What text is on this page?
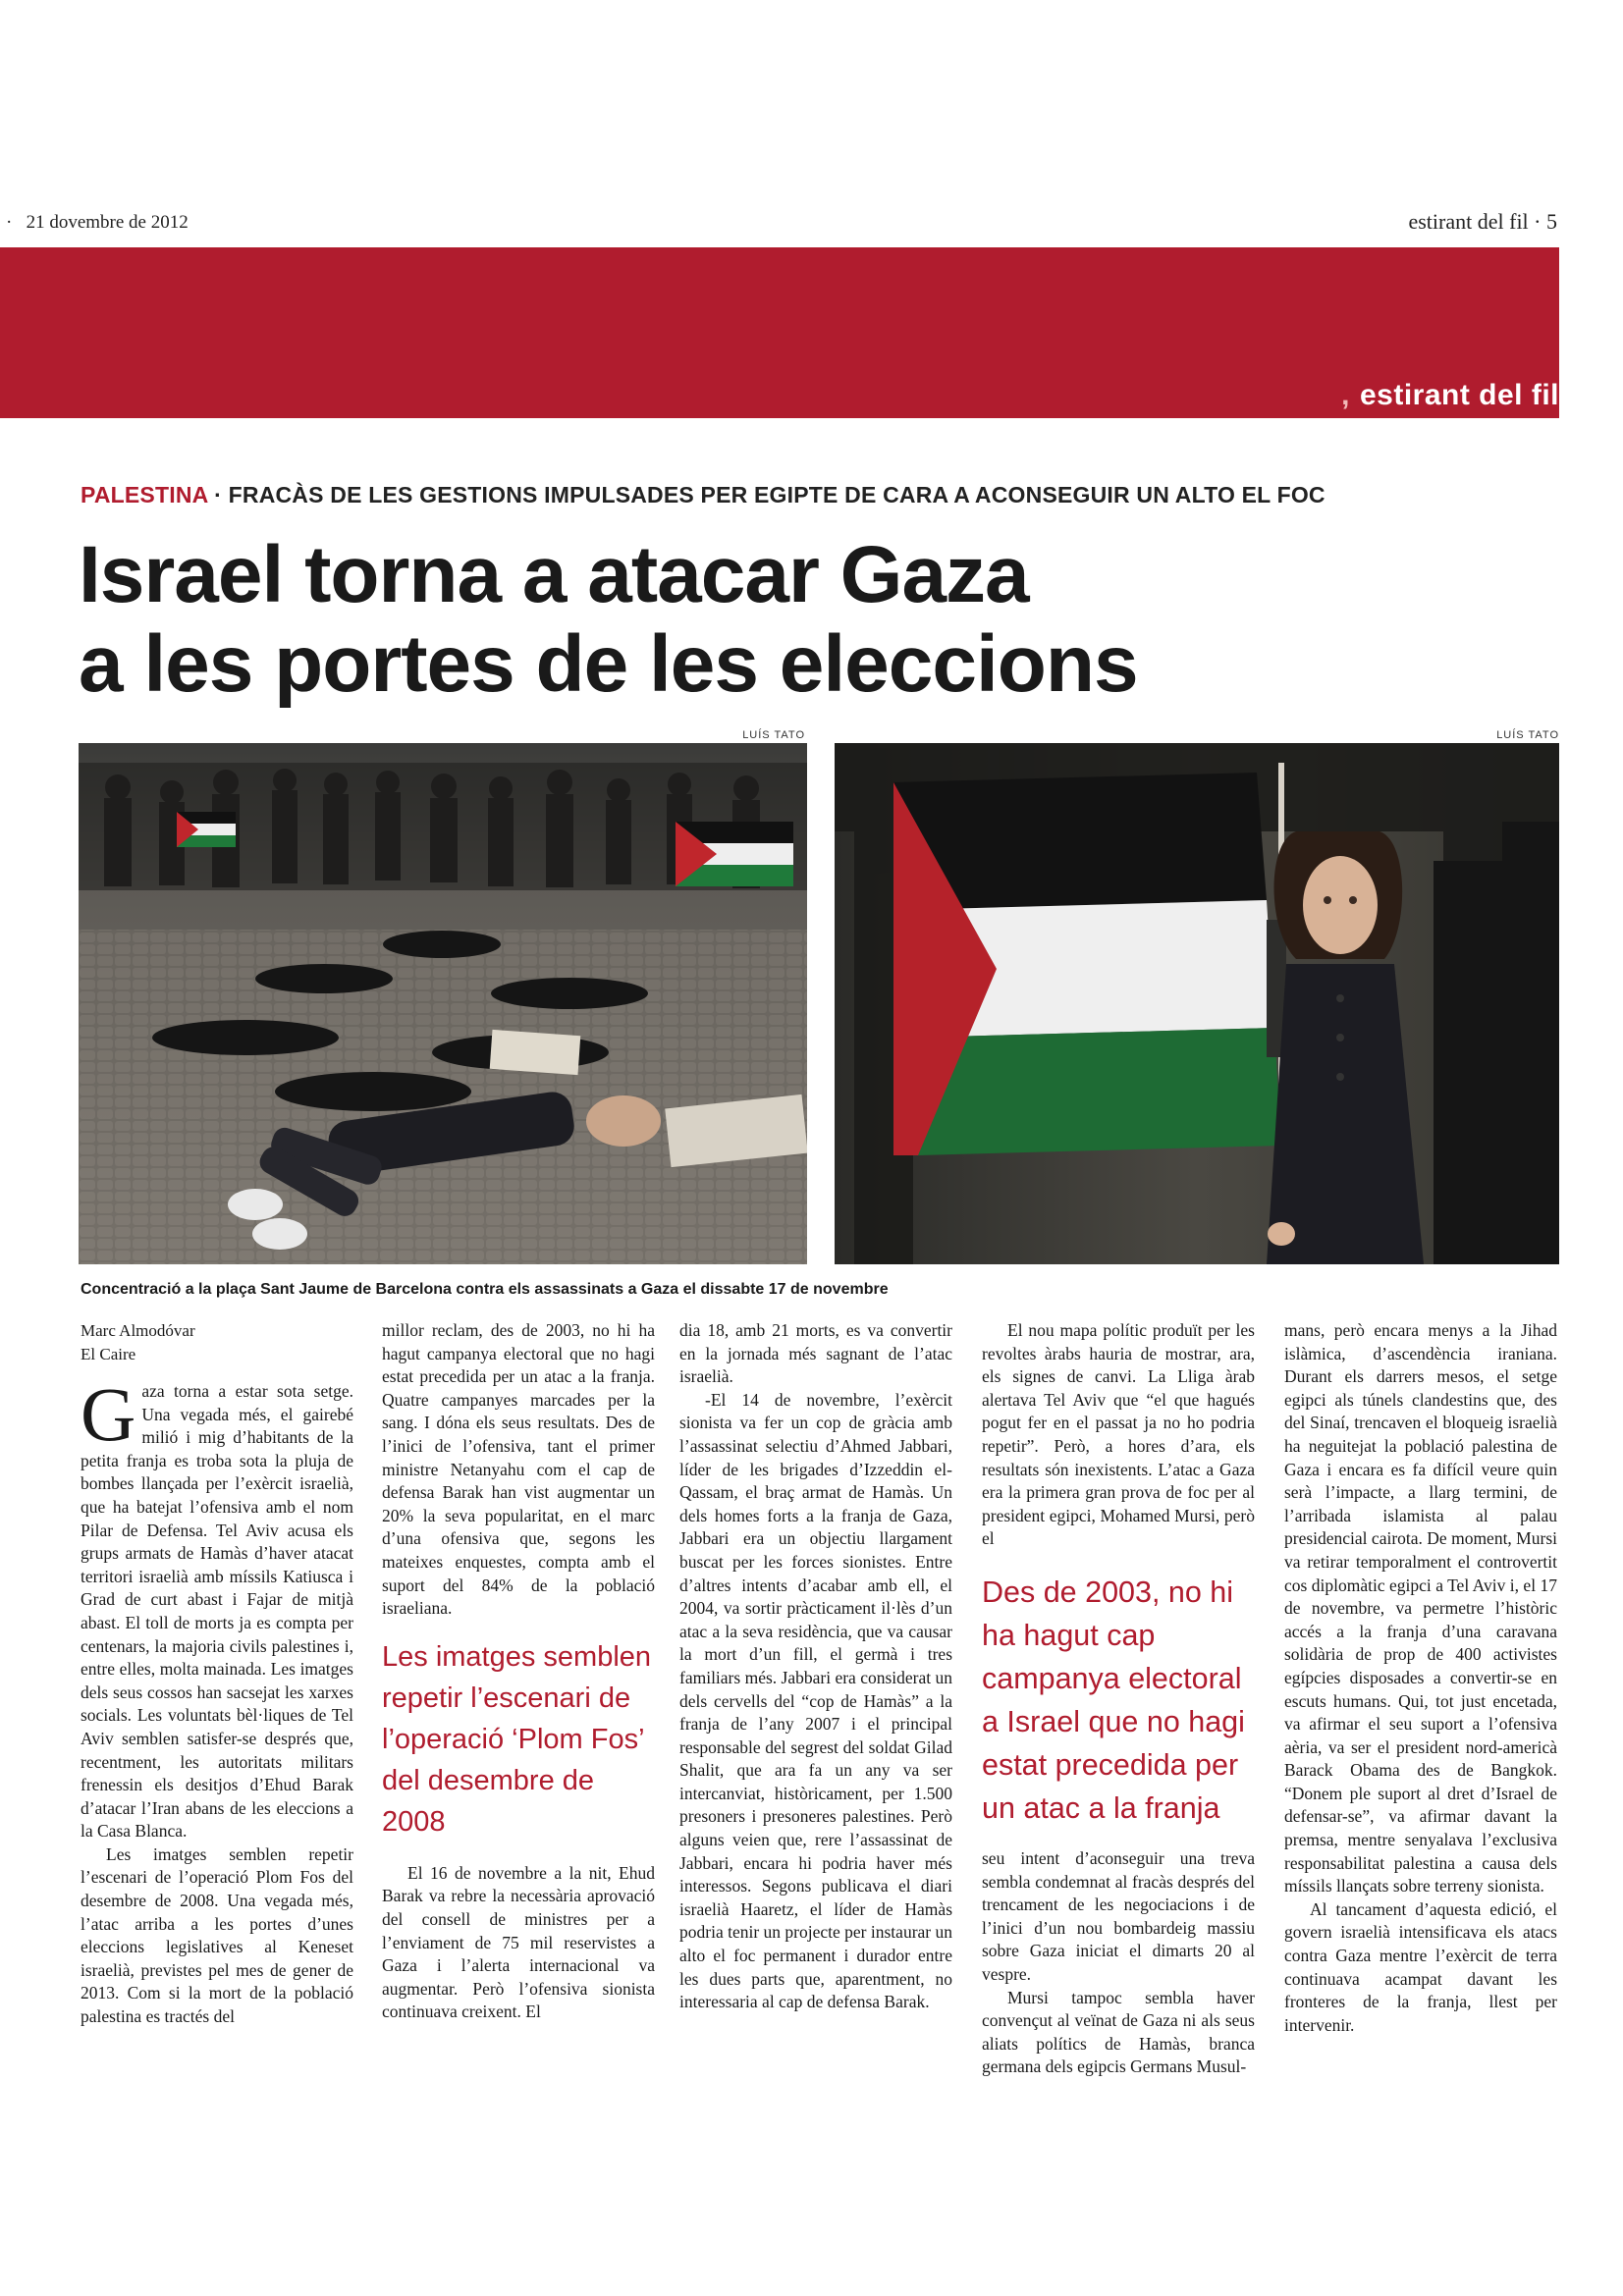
· 21 dovembre de 2012	estirant del fil · 5
, estirant del fil
PALESTINA · FRACÀS DE LES GESTIONS IMPULSADES PER EGIPTE DE CARA A ACONSEGUIR UN ALTO EL FOC
Israel torna a atacar Gaza
a les portes de les eleccions
LUÍS TATO	LUÍS TATO
Concentració a la plaça Sant Jaume de Barcelona contra els assassinats a Gaza el dissabte 17 de novembre
Marc Almodóvar
El Caire

Gaza torna a estar sota setge. Una vegada més, el gairebé milió i mig d’habitants de la petita franja es troba sota la pluja de bombes llançada per l’exèrcit israelià, que ha batejat l’ofensiva amb el nom Pilar de Defensa. Tel Aviv acusa els grups armats de Hamàs d’haver atacat territori israelià amb míssils Katiusca i Grad de curt abast i Fajar de mitjà abast. El toll de morts ja es compta per centenars, la majoria civils palestines i, entre elles, molta mainada. Les imatges dels seus cossos han sacsejat les xarxes socials. Les voluntats bèl·liques de Tel Aviv semblen satisfer-se després que, recentment, les autoritats militars frenessin els desitjos d’Ehud Barak d’atacar l’Iran abans de les eleccions a la Casa Blanca.

Les imatges semblen repetir l’escenari de l’operació Plom Fos del desembre de 2008. Una vegada més, l’atac arriba a les portes d’unes eleccions legislatives al Keneset israelià, previstes pel mes de gener de 2013. Com si la mort de la població palestina es tractés del

millor reclam, des de 2003, no hi ha hagut campanya electoral que no hagi estat precedida per un atac a la franja. Quatre campanyes marcades per la sang. I dóna els seus resultats. Des de l’inici de l’ofensiva, tant el primer ministre Netanyahu com el cap de defensa Barak han vist augmentar un 20% la seva popularitat, en el marc d’una ofensiva que, segons les mateixes enquestes, compta amb el suport del 84% de la població israeliana.

Les imatges semblen repetir l’escenari de l’operació ‘Plom Fos’ del desembre de 2008

El 16 de novembre a la nit, Ehud Barak va rebre la necessària aprovació del consell de ministres per a l’enviament de 75 mil reservistes a Gaza i l’alerta internacional va augmentar. Però l’ofensiva sionista continuava creixent. El

dia 18, amb 21 morts, es va convertir en la jornada més sagnant de l’atac israelià.

-El 14 de novembre, l’exèrcit sionista va fer un cop de gràcia amb l’assassinat selectiu d’Ahmed Jabbari, líder de les brigades d’Izzeddin el-Qassam, el braç armat de Hamàs. Un dels homes forts a la franja de Gaza, Jabbari era un objectiu llargament buscat per les forces sionistes. Entre d’altres intents d’acabar amb ell, el 2004, va sortir pràcticament il·lès d’un atac a la seva residència, que va causar la mort d’un fill, el germà i tres familiars més. Jabbari era considerat un dels cervells del “cop de Hamàs” a la franja de l’any 2007 i el principal responsable del segrest del soldat Gilad Shalit, que ara fa un any va ser intercanviat, històricament, per 1.500 presoners i presoneres palestines. Però alguns veien que, rere l’assassinat de Jabbari, encara hi podria haver més interessos. Segons publicava el diari israelià Haaretz, el líder de Hamàs podria tenir un projecte per instaurar un alto el foc permanent i durador entre les dues parts que, aparentment, no interessaria al cap de defensa Barak.

El nou mapa polític produït per les revoltes àrabs hauria de mostrar, ara, els signes de canvi. La Lliga àrab alertava Tel Aviv que “el que hagués pogut fer en el passat ja no ho podria repetir”. Però, a hores d’ara, els resultats són inexistents. L’atac a Gaza era la primera gran prova de foc per al president egipci, Mohamed Mursi, però el

Des de 2003, no hi ha hagut cap campanya electoral a Israel que no hagi estat precedida per un atac a la franja

seu intent d’aconseguir una treva sembla condemnat al fracàs després del trencament de les negociacions i de l’inici d’un nou bombardeig massiu sobre Gaza iniciat el dimarts 20 al vespre.

Mursi tampoc sembla haver convençut al veïnat de Gaza ni als seus aliats polítics de Hamàs, branca germana dels egipcis Germans Musul-

mans, però encara menys a la Jihad islàmica, d’ascendència iraniana. Durant els darrers mesos, el setge egipci als túnels clandestins que, des del Sinaí, trencaven el bloqueig israelià ha neguitejat la població palestina de Gaza i encara es fa difícil veure quin serà l’impacte, a llarg termini, de l’arribada islamista al palau presidencial cairota. De moment, Mursi va retirar temporalment el controvertit cos diplomàtic egipci a Tel Aviv i, el 17 de novembre, va permetre l’històric accés a la franja d’una caravana solidària de prop de 400 activistes egípcies disposades a convertir-se en escuts humans. Qui, tot just encetada, va afirmar el seu suport a l’ofensiva aèria, va ser el president nord-americà Barack Obama des de Bangkok. “Donem ple suport al dret d’Israel de defensar-se”, va afirmar davant la premsa, mentre senyalava l’exclusiva responsabilitat palestina a causa dels míssils llançats sobre terreny sionista.

Al tancament d’aquesta edició, el govern israelià intensificava els atacs contra Gaza mentre l’exèrcit de terra continuava acampat davant les fronteres de la franja, llest per intervenir.
